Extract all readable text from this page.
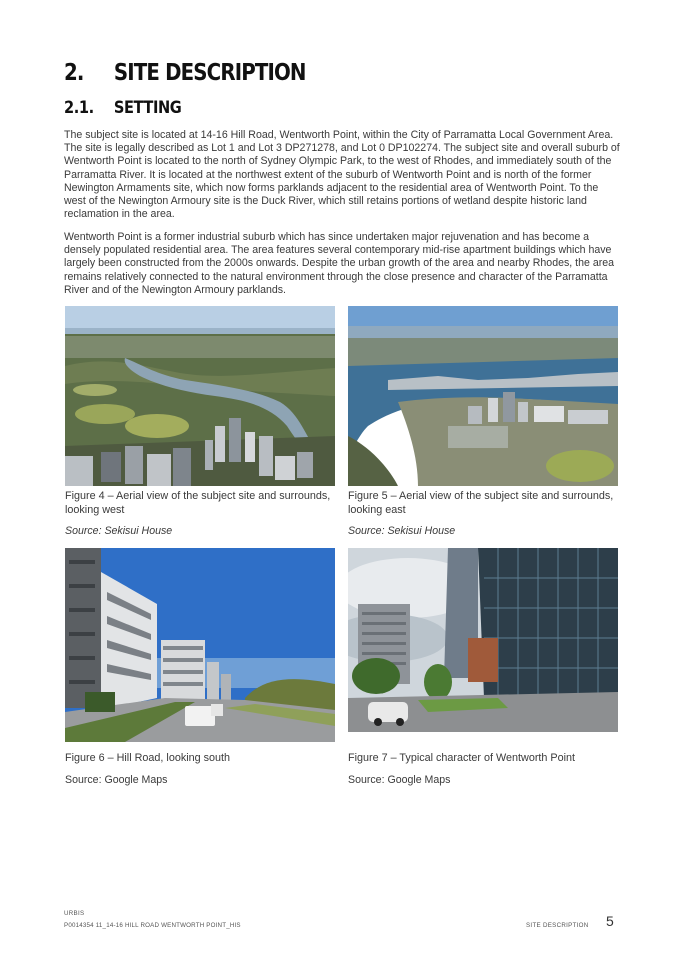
2. SITE DESCRIPTION
2.1. SETTING

The subject site is located at 14-16 Hill Road, Wentworth Point, within the City of Parramatta Local Government Area. The site is legally described as Lot 1 and Lot 3 DP271278, and Lot 0 DP102274. The subject site and overall suburb of Wentworth Point is located to the north of Sydney Olympic Park, to the west of Rhodes, and immediately south of the Parramatta River. It is located at the northwest extent of the suburb of Wentworth Point and is north of the former Newington Armaments site, which now forms parklands adjacent to the residential area of Wentworth Point. To the west of the Newington Armoury site is the Duck River, which still retains portions of wetland despite historic land reclamation in the area.

Wentworth Point is a former industrial suburb which has since undertaken major rejuvenation and has become a densely populated residential area. The area features several contemporary mid-rise apartment buildings which have largely been constructed from the 2000s onwards. Despite the urban growth of the area and nearby Rhodes, the area remains relatively connected to the natural environment through the close presence and character of the Parramatta River and of the Newington Armoury parklands.

Figure 4 – Aerial view of the subject site and surrounds, looking west
Source: Sekisui House
Figure 5 – Aerial view of the subject site and surrounds, looking east
Source: Sekisui House
Figure 6 – Hill Road, looking south
Source: Google Maps
Figure 7 – Typical character of Wentworth Point
Source: Google Maps
URBIS
P0014354 11_14-16 HILL ROAD WENTWORTH POINT_HIS	SITE DESCRIPTION 5
